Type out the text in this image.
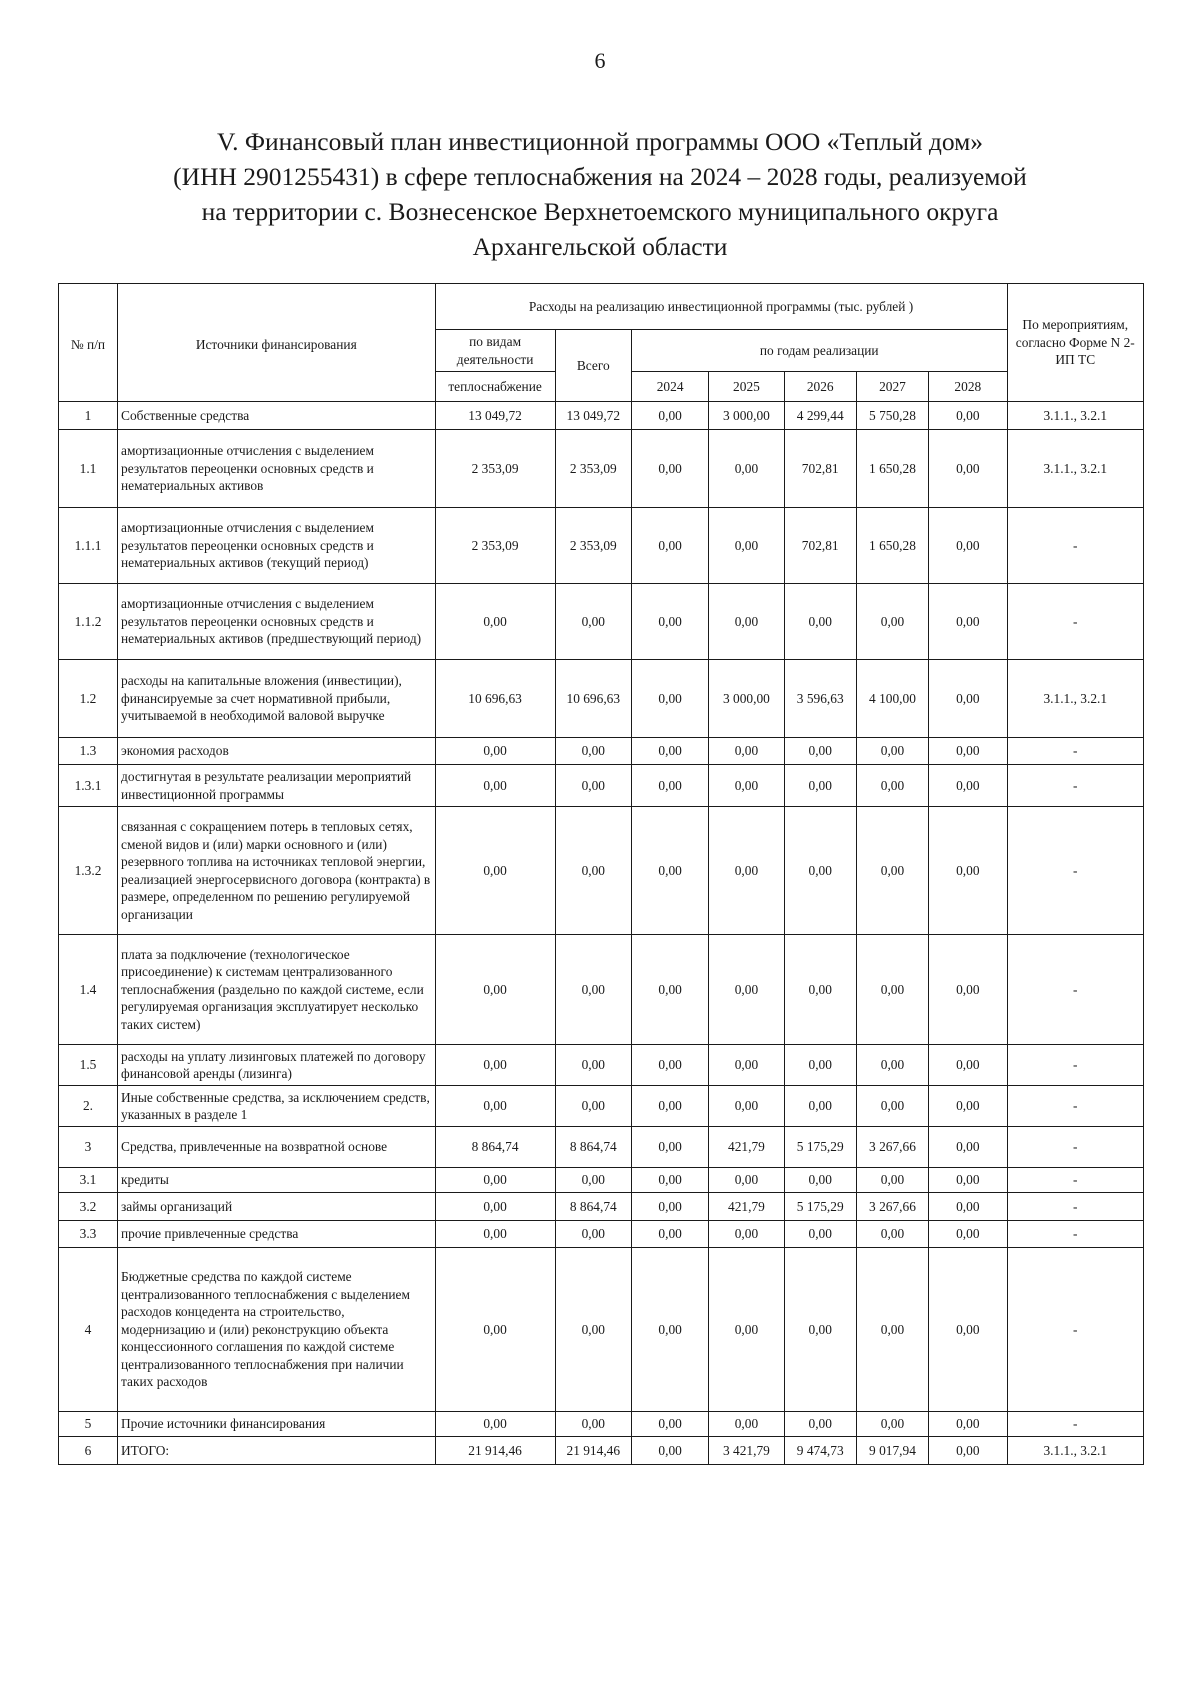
6
V. Финансовый план инвестиционной программы ООО «Теплый дом»
(ИНН 2901255431) в сфере теплоснабжения на 2024 – 2028 годы, реализуемой
на территории с. Вознесенское Верхнетоемского муниципального округа
Архангельской области
№ п/п	Источники финансирования	Расходы на реализацию инвестиционной программы (тыс. рублей )							По мероприятиям, согласно Форме N 2-ИП ТС
		по видам деятельности	Всего	по годам реализации					
		теплоснабжение		2024	2025	2026	2027	2028	
1	Собственные средства	13 049,72	13 049,72	0,00	3 000,00	4 299,44	5 750,28	0,00	3.1.1., 3.2.1
1.1	амортизационные отчисления с выделением результатов переоценки основных средств и нематериальных активов	2 353,09	2 353,09	0,00	0,00	702,81	1 650,28	0,00	3.1.1., 3.2.1
1.1.1	амортизационные отчисления с выделением результатов переоценки основных средств и нематериальных активов (текущий период)	2 353,09	2 353,09	0,00	0,00	702,81	1 650,28	0,00	-
1.1.2	амортизационные отчисления с выделением результатов переоценки основных средств и нематериальных активов (предшествующий период)	0,00	0,00	0,00	0,00	0,00	0,00	0,00	-
1.2	расходы на капитальные вложения (инвестиции), финансируемые за счет нормативной прибыли, учитываемой в необходимой валовой выручке	10 696,63	10 696,63	0,00	3 000,00	3 596,63	4 100,00	0,00	3.1.1., 3.2.1
1.3	экономия расходов	0,00	0,00	0,00	0,00	0,00	0,00	0,00	-
1.3.1	достигнутая в результате реализации мероприятий инвестиционной программы	0,00	0,00	0,00	0,00	0,00	0,00	0,00	-
1.3.2	связанная с сокращением потерь в тепловых сетях, сменой видов и (или) марки основного и (или) резервного топлива на источниках тепловой энергии, реализацией энергосервисного договора (контракта) в размере, определенном по решению регулируемой организации	0,00	0,00	0,00	0,00	0,00	0,00	0,00	-
1.4	плата за подключение (технологическое присоединение) к системам централизованного теплоснабжения (раздельно по каждой системе, если регулируемая организация эксплуатирует несколько таких систем)	0,00	0,00	0,00	0,00	0,00	0,00	0,00	-
1.5	расходы на уплату лизинговых платежей по договору финансовой аренды (лизинга)	0,00	0,00	0,00	0,00	0,00	0,00	0,00	-
2.	Иные собственные средства, за исключением средств, указанных в разделе 1	0,00	0,00	0,00	0,00	0,00	0,00	0,00	-
3	Средства, привлеченные на возвратной основе	8 864,74	8 864,74	0,00	421,79	5 175,29	3 267,66	0,00	-
3.1	кредиты	0,00	0,00	0,00	0,00	0,00	0,00	0,00	-
3.2	займы организаций	0,00	8 864,74	0,00	421,79	5 175,29	3 267,66	0,00	-
3.3	прочие привлеченные средства	0,00	0,00	0,00	0,00	0,00	0,00	0,00	-
4	Бюджетные средства по каждой системе централизованного теплоснабжения с выделением расходов концедента на строительство, модернизацию и (или) реконструкцию объекта концессионного соглашения по каждой системе централизованного теплоснабжения при наличии таких расходов	0,00	0,00	0,00	0,00	0,00	0,00	0,00	-
5	Прочие источники финансирования	0,00	0,00	0,00	0,00	0,00	0,00	0,00	-
6	ИТОГО:	21 914,46	21 914,46	0,00	3 421,79	9 474,73	9 017,94	0,00	3.1.1., 3.2.1
